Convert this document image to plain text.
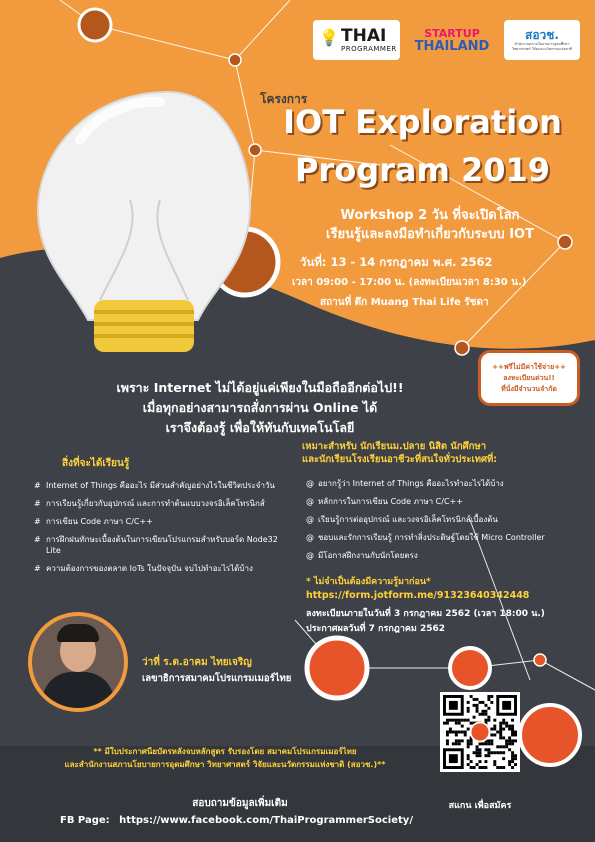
💡 THAI
PROGRAMMER
STARTUP
THAILAND
สอวช.
สำนักงานสภานโยบายการอุดมศึกษา วิทยาศาสตร์ วิจัยและนวัตกรรมแห่งชาติ
โครงการ
IOT Exploration
Program 2019
Workshop 2 วัน ที่จะเปิดโลก
เรียนรู้และลงมือทำเกี่ยวกับระบบ IOT
วันที่: 13 - 14 กรกฎาคม พ.ศ. 2562
เวลา 09:00 - 17:00 น. (ลงทะเบียนเวลา 8:30 น.)
สถานที่ ตึก Muang Thai Life รัชดา
++ฟรีไม่มีค่าใช้จ่าย++
ลงทะเบียนด่วน!!
ที่นั่งมีจำนวนจำกัด
เพราะ Internet ไม่ได้อยู่แค่เพียงในมือถืออีกต่อไป!!
เมื่อทุกอย่างสามารถสั่งการผ่าน Online ได้
เราจึงต้องรู้ เพื่อให้ทันกับเทคโนโลยี
สิ่งที่จะได้เรียนรู้
# Internet of Things คืออะไร มีส่วนสำคัญอย่างไรในชีวิตประจำวัน
# การเรียนรู้เกี่ยวกับอุปกรณ์ และการทำต้นแบบวงจรอิเล็คโทรนิกส์
# การเขียน Code ภาษา C/C++
# การฝึกฝนทักษะเบื้องต้นในการเขียนโปรแกรมสำหรับบอร์ด Node32 Lite
# ความต้องการของตลาด IoTs ในปัจจุบัน จบไปทำอะไรได้บ้าง
เหมาะสำหรับ นักเรียนม.ปลาย นิสิต นักศึกษา
และนักเรียนโรงเรียนอาชีวะที่สนใจทั่วประเทศที่:
@ อยากรู้ว่า Internet of Things คืออะไรทำอะไรได้บ้าง
@ หลักการในการเขียน Code ภาษา C/C++
@ เรียนรู้การต่ออุปกรณ์ และวงจรอิเล็คโทรนิกส์เบื้องต้น
@ ชอบและรักการเรียนรู้ การทำสิ่งประดิษฐ์โดยใช้ Micro Controller
@ มีโอกาสฝึกงานกับนักโดยตรง
* ไม่จำเป็นต้องมีความรู้มาก่อน*
https://form.jotform.me/91323640342448
ลงทะเบียนภายในวันที่ 3 กรกฎาคม 2562 (เวลา 18:00 น.)
ประกาศผลวันที่ 7 กรกฎาคม 2562
ว่าที่ ร.ต.อาคม ไทยเจริญ
เลขาธิการสมาคมโปรแกรมเมอร์ไทย
สแกน เพื่อสมัคร
** มีใบประกาศนียบัตรหลังจบหลักสูตร รับรองโดย สมาคมโปรแกรมเมอร์ไทย
และสำนักงานสภานโยบายการอุดมศึกษา วิทยาศาสตร์ วิจัยและนวัตกรรมแห่งชาติ (สอวช.)**
สอบถามข้อมูลเพิ่มเติม
FB Page: https://www.facebook.com/ThaiProgrammerSociety/
